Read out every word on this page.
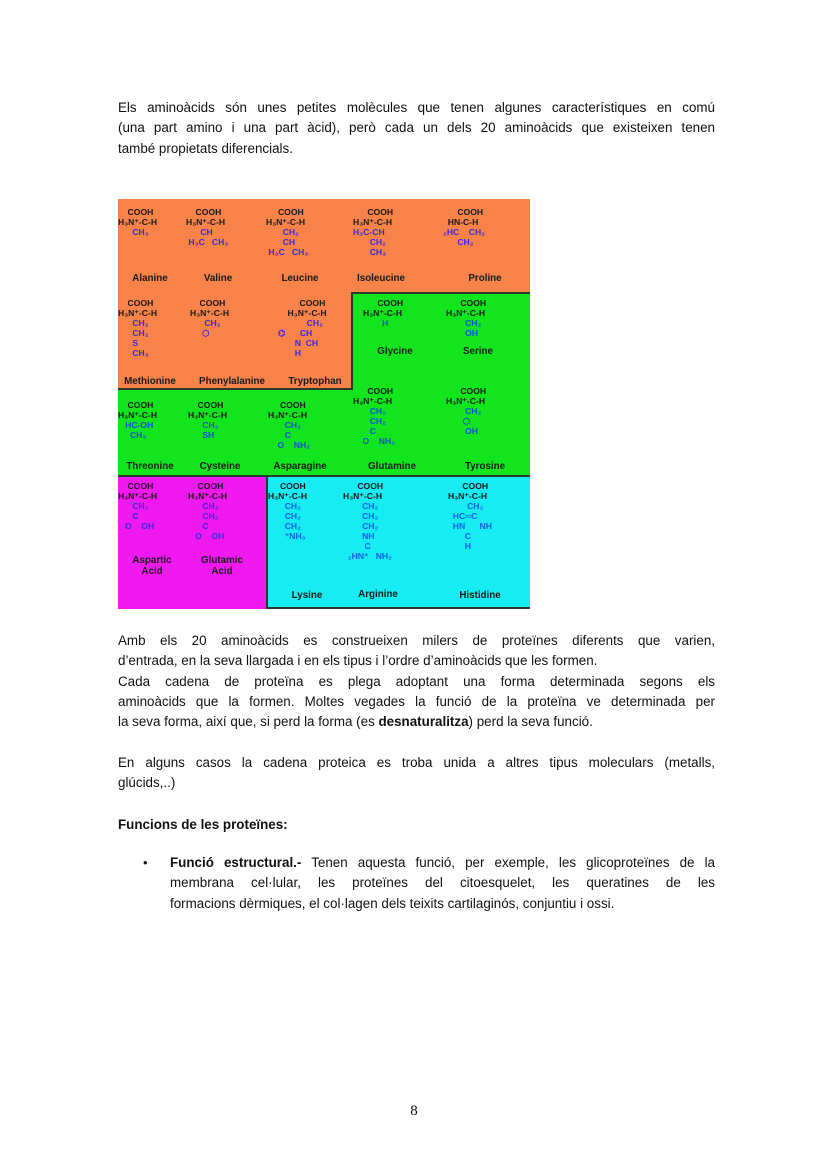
Els aminoàcids són unes petites molècules que tenen algunes característiques en comú
(una part amino i una part àcid), però cada un dels 20 aminoàcids que existeixen tenen
també propietats diferencials.
COOH
H₃N⁺-C-H
CH₃
Alanine
COOH
H₃N⁺-C-H
CH
H₃C   CH₃
Valine
COOH
H₃N⁺-C-H
CH₂
CH
H₃C   CH₃
Leucine
COOH
H₃N⁺-C-H
H₃C-CH
CH₂
CH₃
Isoleucine
COOH
HN-C-H
₂HC    CH₂
CH₂
Proline
COOH
H₃N⁺-C-H
CH₂
CH₂
S
CH₃
Methionine
COOH
H₃N⁺-C-H
CH₂
⬡
Phenylalanine
COOH
H₃N⁺-C-H
CH₂
⌬      CH
N  CH
H
Tryptophan
COOH
H₃N⁺-C-H
H
Glycine
COOH
H₃N⁺-C-H
CH₂
OH
Serine
COOH
H₃N⁺-C-H
HC-OH
CH₃
Threonine
COOH
H₃N⁺-C-H
CH₂
SH
Cysteine
COOH
H₃N⁺-C-H
CH₂
C
O    NH₂
Asparagine
COOH
H₃N⁺-C-H
CH₂
CH₂
C
O    NH₂
Glutamine
COOH
H₃N⁺-C-H
CH₂
⬡
OH
Tyrosine
COOH
H₃N⁺-C-H
CH₂
C
O    OH
Aspartic Acid
COOH
H₃N⁺-C-H
CH₂
CH₂
C
O    OH
Glutamic Acid
COOH
H₃N⁺-C-H
CH₂
CH₂
CH₂
⁺NH₃
Lysine
COOH
H₃N⁺-C-H
CH₂
CH₂
CH₂
NH
C
₂HN⁺   NH₂
Arginine
COOH
H₃N⁺-C-H
CH₂
HC═C
HN      NH
C
H
Histidine
Amb els 20 aminoàcids es construeixen milers de proteïnes diferents que varien,
d’entrada, en la seva llargada i en els tipus i l’ordre d’aminoàcids que les formen.
Cada cadena de proteïna es plega adoptant una forma determinada segons els
aminoàcids que la formen. Moltes vegades la funció de la proteïna ve determinada per
la seva forma, així que, si perd la forma (es desnaturalitza) perd la seva funció.
En alguns casos la cadena proteica es troba unida a altres tipus moleculars (metalls,
glúcids,..)
Funcions de les proteïnes:
• Funció estructural.- Tenen aquesta funció, per exemple, les glicoproteïnes de la
membrana cel·lular, les proteïnes del citoesquelet, les queratines de les
formacions dèrmiques, el col·lagen dels teixits cartilaginós, conjuntiu i ossi.
8
